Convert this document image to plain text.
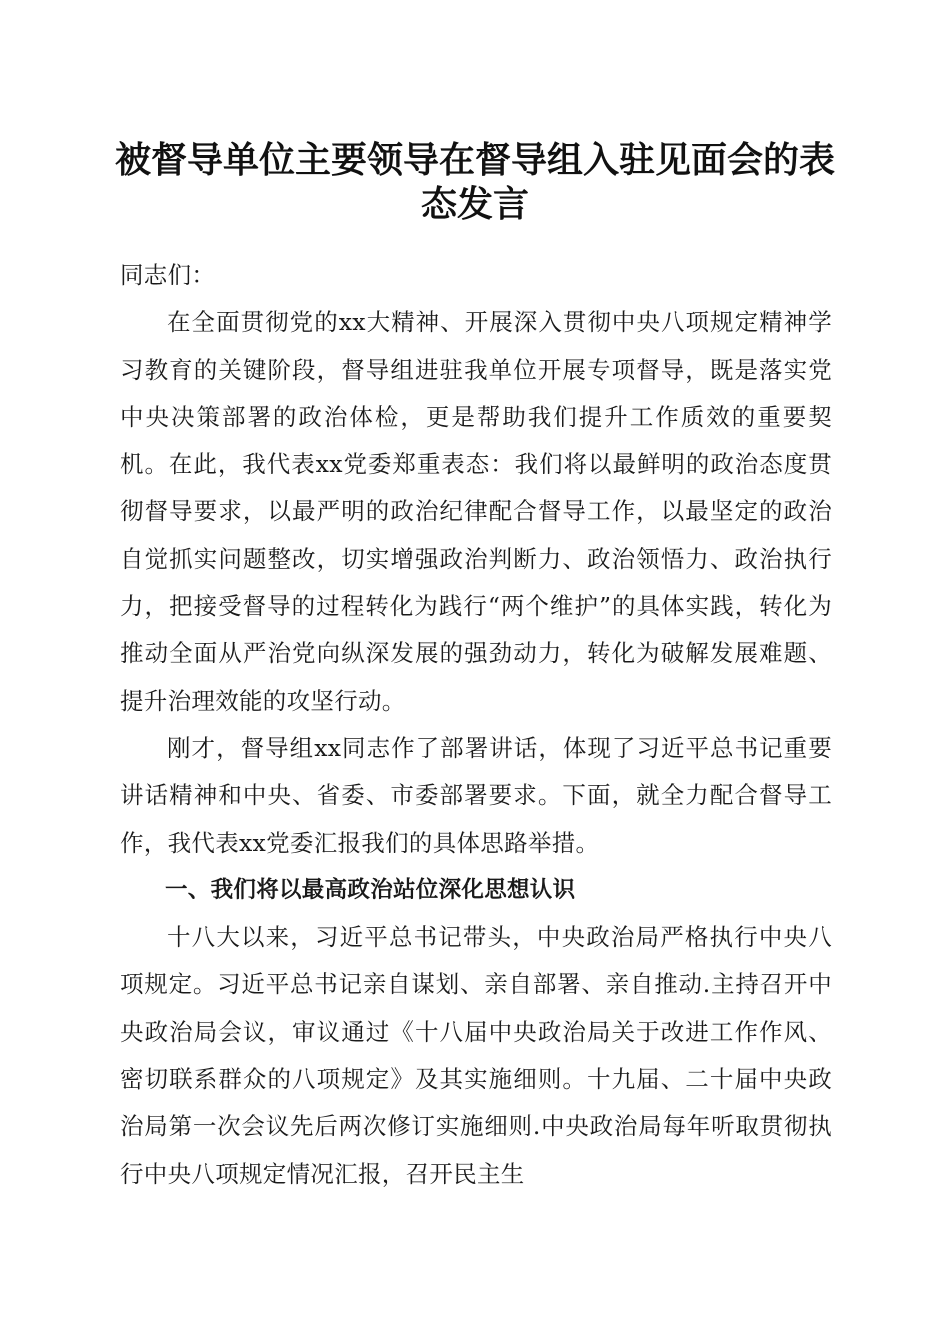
被督导单位主要领导在督导组入驻见面会的表态发言

同志们：

在全面贯彻党的xx大精神、开展深入贯彻中央八项规定精神学习教育的关键阶段，督导组进驻我单位开展专项督导，既是落实党中央决策部署的政治体检，更是帮助我们提升工作质效的重要契机。在此，我代表xx党委郑重表态：我们将以最鲜明的政治态度贯彻督导要求，以最严明的政治纪律配合督导工作，以最坚定的政治自觉抓实问题整改，切实增强政治判断力、政治领悟力、政治执行力，把接受督导的过程转化为践行“两个维护”的具体实践，转化为推动全面从严治党向纵深发展的强劲动力，转化为破解发展难题、提升治理效能的攻坚行动。

刚才，督导组xx同志作了部署讲话，体现了习近平总书记重要讲话精神和中央、省委、市委部署要求。下面，就全力配合督导工作，我代表xx党委汇报我们的具体思路举措。

一、我们将以最高政治站位深化思想认识

十八大以来，习近平总书记带头，中央政治局严格执行中央八项规定。习近平总书记亲自谋划、亲自部署、亲自推动.主持召开中央政治局会议，审议通过《十八届中央政治局关于改进工作作风、密切联系群众的八项规定》及其实施细则。十九届、二十届中央政治局第一次会议先后两次修订实施细则.中央政治局每年听取贯彻执行中央八项规定情况汇报，召开民主生
